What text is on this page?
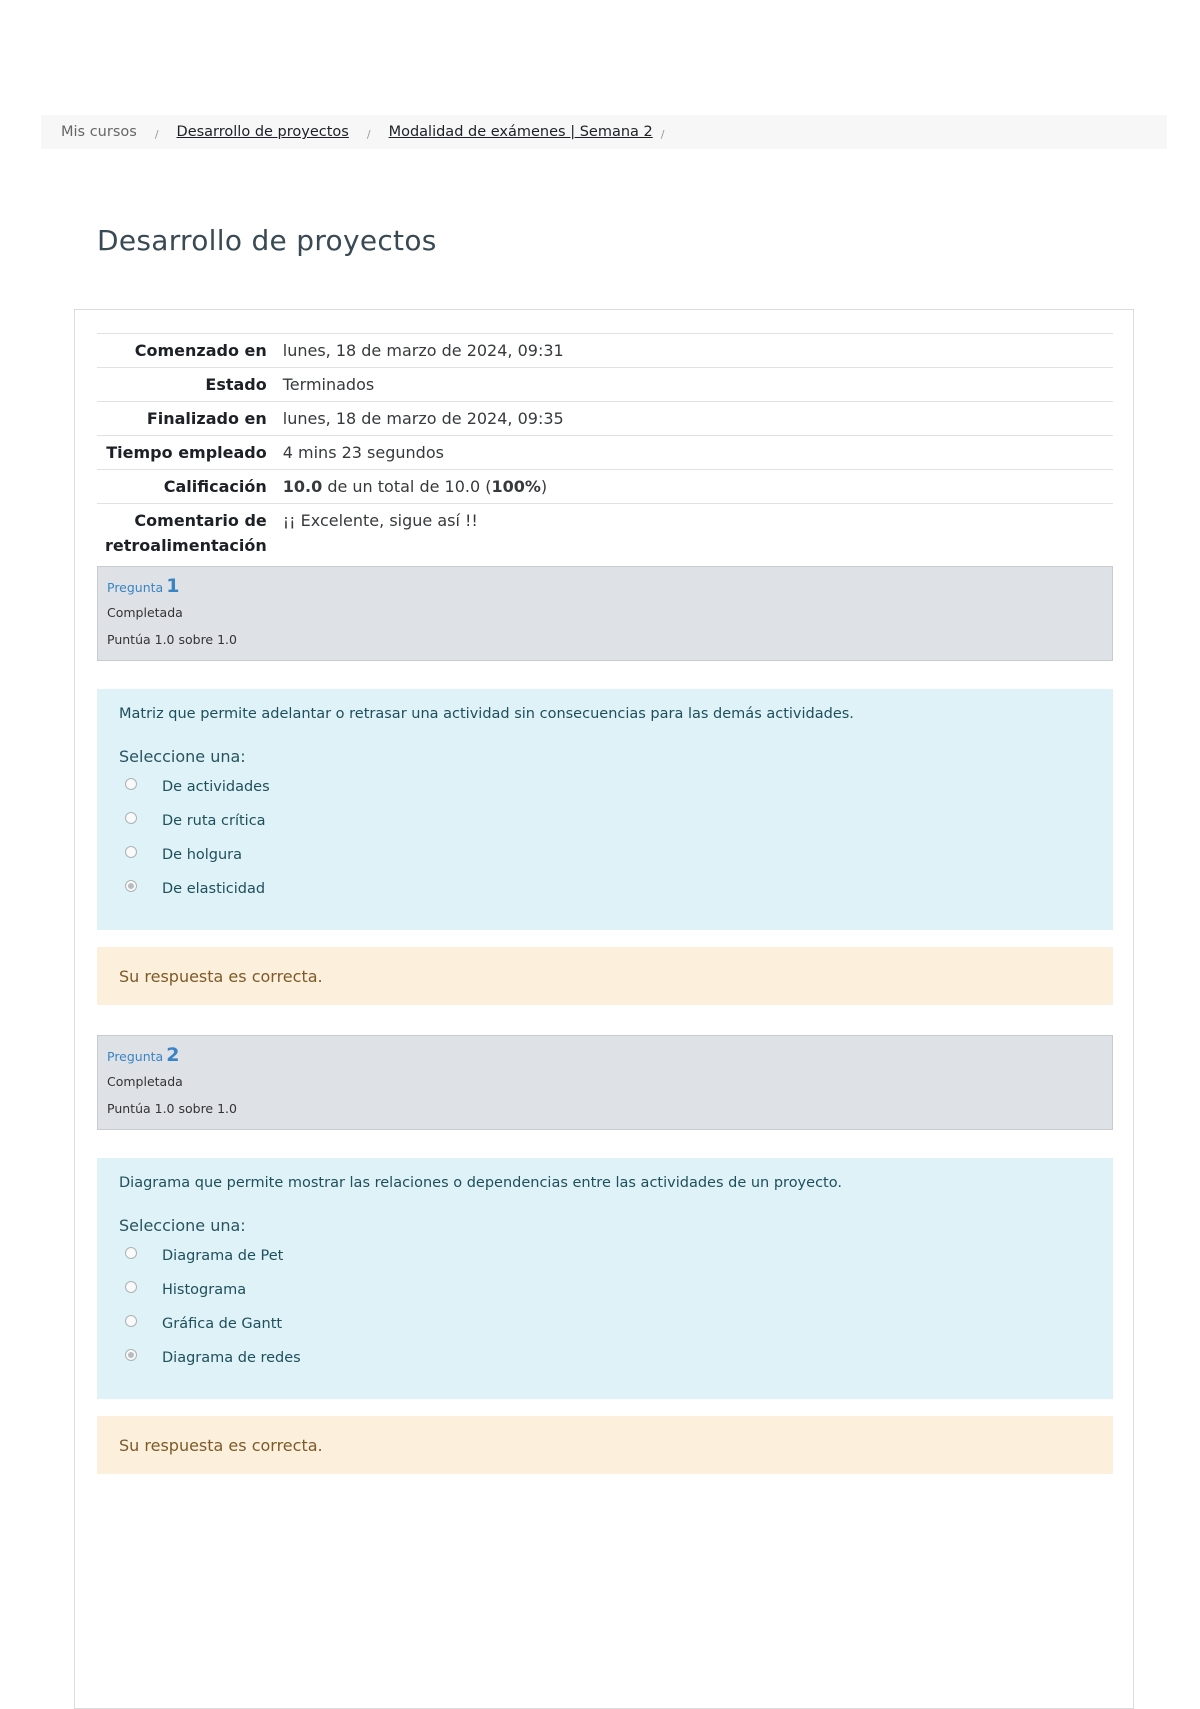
Mis cursos / Desarrollo de proyectos / Modalidad de exámenes | Semana 2 /
Desarrollo de proyectos
Comenzado en	lunes, 18 de marzo de 2024, 09:31
Estado	Terminados
Finalizado en	lunes, 18 de marzo de 2024, 09:35
Tiempo empleado	4 mins 23 segundos
Calificación	10.0 de un total de 10.0 (100%)
Comentario de retroalimentación	¡¡ Excelente, sigue así !!
Pregunta 1
Completada
Puntúa 1.0 sobre 1.0

Matriz que permite adelantar o retrasar una actividad sin consecuencias para las demás actividades.

Seleccione una:
De actividades
De ruta crítica
De holgura
De elasticidad
Su respuesta es correcta.
Pregunta 2
Completada
Puntúa 1.0 sobre 1.0

Diagrama que permite mostrar las relaciones o dependencias entre las actividades de un proyecto.

Seleccione una:
Diagrama de Pet
Histograma
Gráfica de Gantt
Diagrama de redes
Su respuesta es correcta.
